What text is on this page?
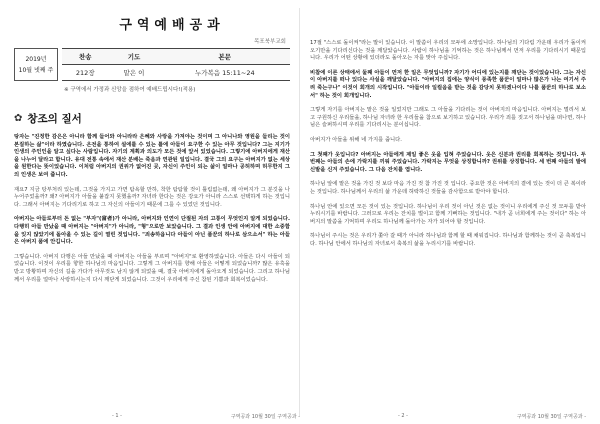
구역예배공과
목포북부교회
2019년
10월 넷째 주
찬송	기도	본문
212장	맡은 이	누가복음 15:11~24
※ 구역에서 가정과 신앙을 점하여 예배드립시다!(적용)
✿ 창조의 질서

탕자는 "진정한 감은은 아니라 함께 들어와 아니라라 은혜와 사랑을 가져야는 것이며 그 아니나와 영원을 들리는 것이 본질하는 삶"이라 하였습니다. 온전을 통하여 설에를 수 있는 틀에 아들이 요구한 수 있는 아무 것입니다? 그는 지기가 인생의 주인인을 알고 싶다는 사람입니다. 자기의 계획과 의도가 모든 것에 앞서 있었습니다. 그렇기에 아버지에게 재산을 나누어 달라고 합니다. 유대 전통 속에서 재산 분배는 죽음과 연관된 일입니다. 결국 그의 요구는 아버지가 없는 세상을 원한다는 뜻이었습니다. 이처럼 아버지의 권위가 없어진 곳, 자신이 주인이 되는 삶이 얼마나 공허하며 허무한지 그의 인생은 보여 줍니다.

재요7 지금 탕부처리 있는데, 그것을 가지고 가면 탐욕할 만하, 착한 탐탐할 것이 틀림없는데, 왜 아버지가 그 분깃을 나누어주었을까? 왜? 아버지가 아들을 붙잡지 못했을까? 자녀라 한다는 것은 강요가 아니라 스스로 선택하게 하는 것입니다. 그래서 아버지는 기다리기로 하고 그 자신의 아들이기 때문에 그를 수 있었던 것입니다.

아버지는 아들로부터 돈 없는 "부자"(富者)가 아니라, 아버지와 인연이 단절된 자의 고통이 무엇인지 알게 되었습니다. 다행히 아들 만났을 때 아버지는 "아버지"가 아니라, "형"으로만 보았습니다. 그 결과 인생 안에 아버지에 대한 소중함을 잊지 않았기에 돌아올 수 있는 길이 열린 것입니다. "죄송하옵니다 아들이 아닌 품꾼의 하나로 삼으소서" 하는 아들은 아버지 품에 안깁니다.

그렇습니다. 아버지 다행은 아들 만났을 때 아버지는 아들을 부르며 "아버지"로 환영하였습니다. 아들은 다시 아들이 되었습니다. 이것이 우리를 향한 하나님의 마음입니다. 그렇게 그 아버지를 향해 아들은 어떻게 되었습니까? 많은 유혹을 받고 방황하며 자신의 길을 가다가 아무것도 남지 않게 되었을 때, 결국 아버지에게 돌아오게 되었습니다. 그리고 하나님께서 우리를 얼마나 사랑하시는지 다시 깨닫게 되었습니다. 그것이 우리에게 주신 참된 기쁨과 회복이었습니다.

17절 "스스로 돌이켜"라는 말이 있습니다. 이 말씀이 우리의 모두에 소망입니다. 하나님의 기다림 가운데 우리가 돌이켜 오기만을 기다리신다는 것을 깨달았습니다. 사람이 하나님을 기억하는 것은 하나님께서 먼저 우리를 기다리시기 때문입니다. 우리가 어떤 상황에 있더라도 돌아오는 자를 맞아 주십니다.

비참에 이른 상태에서 둘째 아들이 먼저 한 일은 무엇입니까? 자기가 어디에 있는지를 깨닫는 것이었습니다. 그는 자신이 아버지를 떠나 있다는 사실을 깨달았습니다. "아버지의 집에는 양식이 풍족한 품꾼이 얼마나 많은가 나는 여기서 주려 죽는구나" 이것이 회개의 시작입니다. "아들이라 일컬음을 받는 것을 감당치 못하겠나이다 나를 품꾼의 하나로 보소서" 하는 것이 회개입니다.

그렇게 자기를 아버지는 맡은 것을 일었지만 그래도 그 아들을 기다리는 것이 아버지의 마음입니다. 아버지는 멀리서 보고 구원하신 우리들을, 하나님 자녀라 한 우리들을 참으로 보기하고 있습니다. 우리가 죄를 짓고서 하나님을 떠나면, 하나님은 슬퍼하시며 우리를 기다리시는 분이십니다.

아버지가 아들을 위해 네 가지를 줍니다.

그 첫째가 옷입니다? 아버지는 아들에게 제일 좋은 옷을 입혀 주었습니다. 옷은 신분과 권리를 회복하는 것입니다. 두 번째는 아들의 손에 가락지를 끼워 주었습니다. 가락지는 무엇을 상징합니까? 권위를 상징합니다. 세 번째 아들의 발에 신발을 신겨 주었습니다. 그 다음 잔치를 엽니다.

하나님 앞에 맡은 것을 가진 것 보다 마음 가진 것 참 가진 것 입니다. 중요한 것은 아버지의 곁에 있는 것이 더 큰 복이라는 것입니다. 하나님께서 우리의 삶 가운데 허락하신 것들을 감사함으로 받아야 합니다.

하나님 안에 있으면 모든 것이 있는 것입니다. 하나님이 우리 것이 아닌 것은 없는 것이니 우리에게 주신 것 모두를 받아 누리시기를 바랍니다. 그러므로 우리는 잔치를 벌이고 함께 기뻐하는 것입니다. "내가 곧 너희에게 주는 것이다" 하는 아버지의 말씀을 기억하며 우리도 하나님께 돌아가는 자가 되어야 할 것입니다.

하나님이 주시는 것은 우리가 쫓아 갈 때가 아니라 하나님과 함께 할 때 채워집니다. 하나님과 함께하는 것이 곧 축복입니다. 하나님 안에서 하나님의 자녀로서 축복의 삶을 누리시기를 바랍니다.

- 1 -	구역공과 10월 30일 구역공과 -	- 2 -	구역공과 10월 30일 구역공과 -
